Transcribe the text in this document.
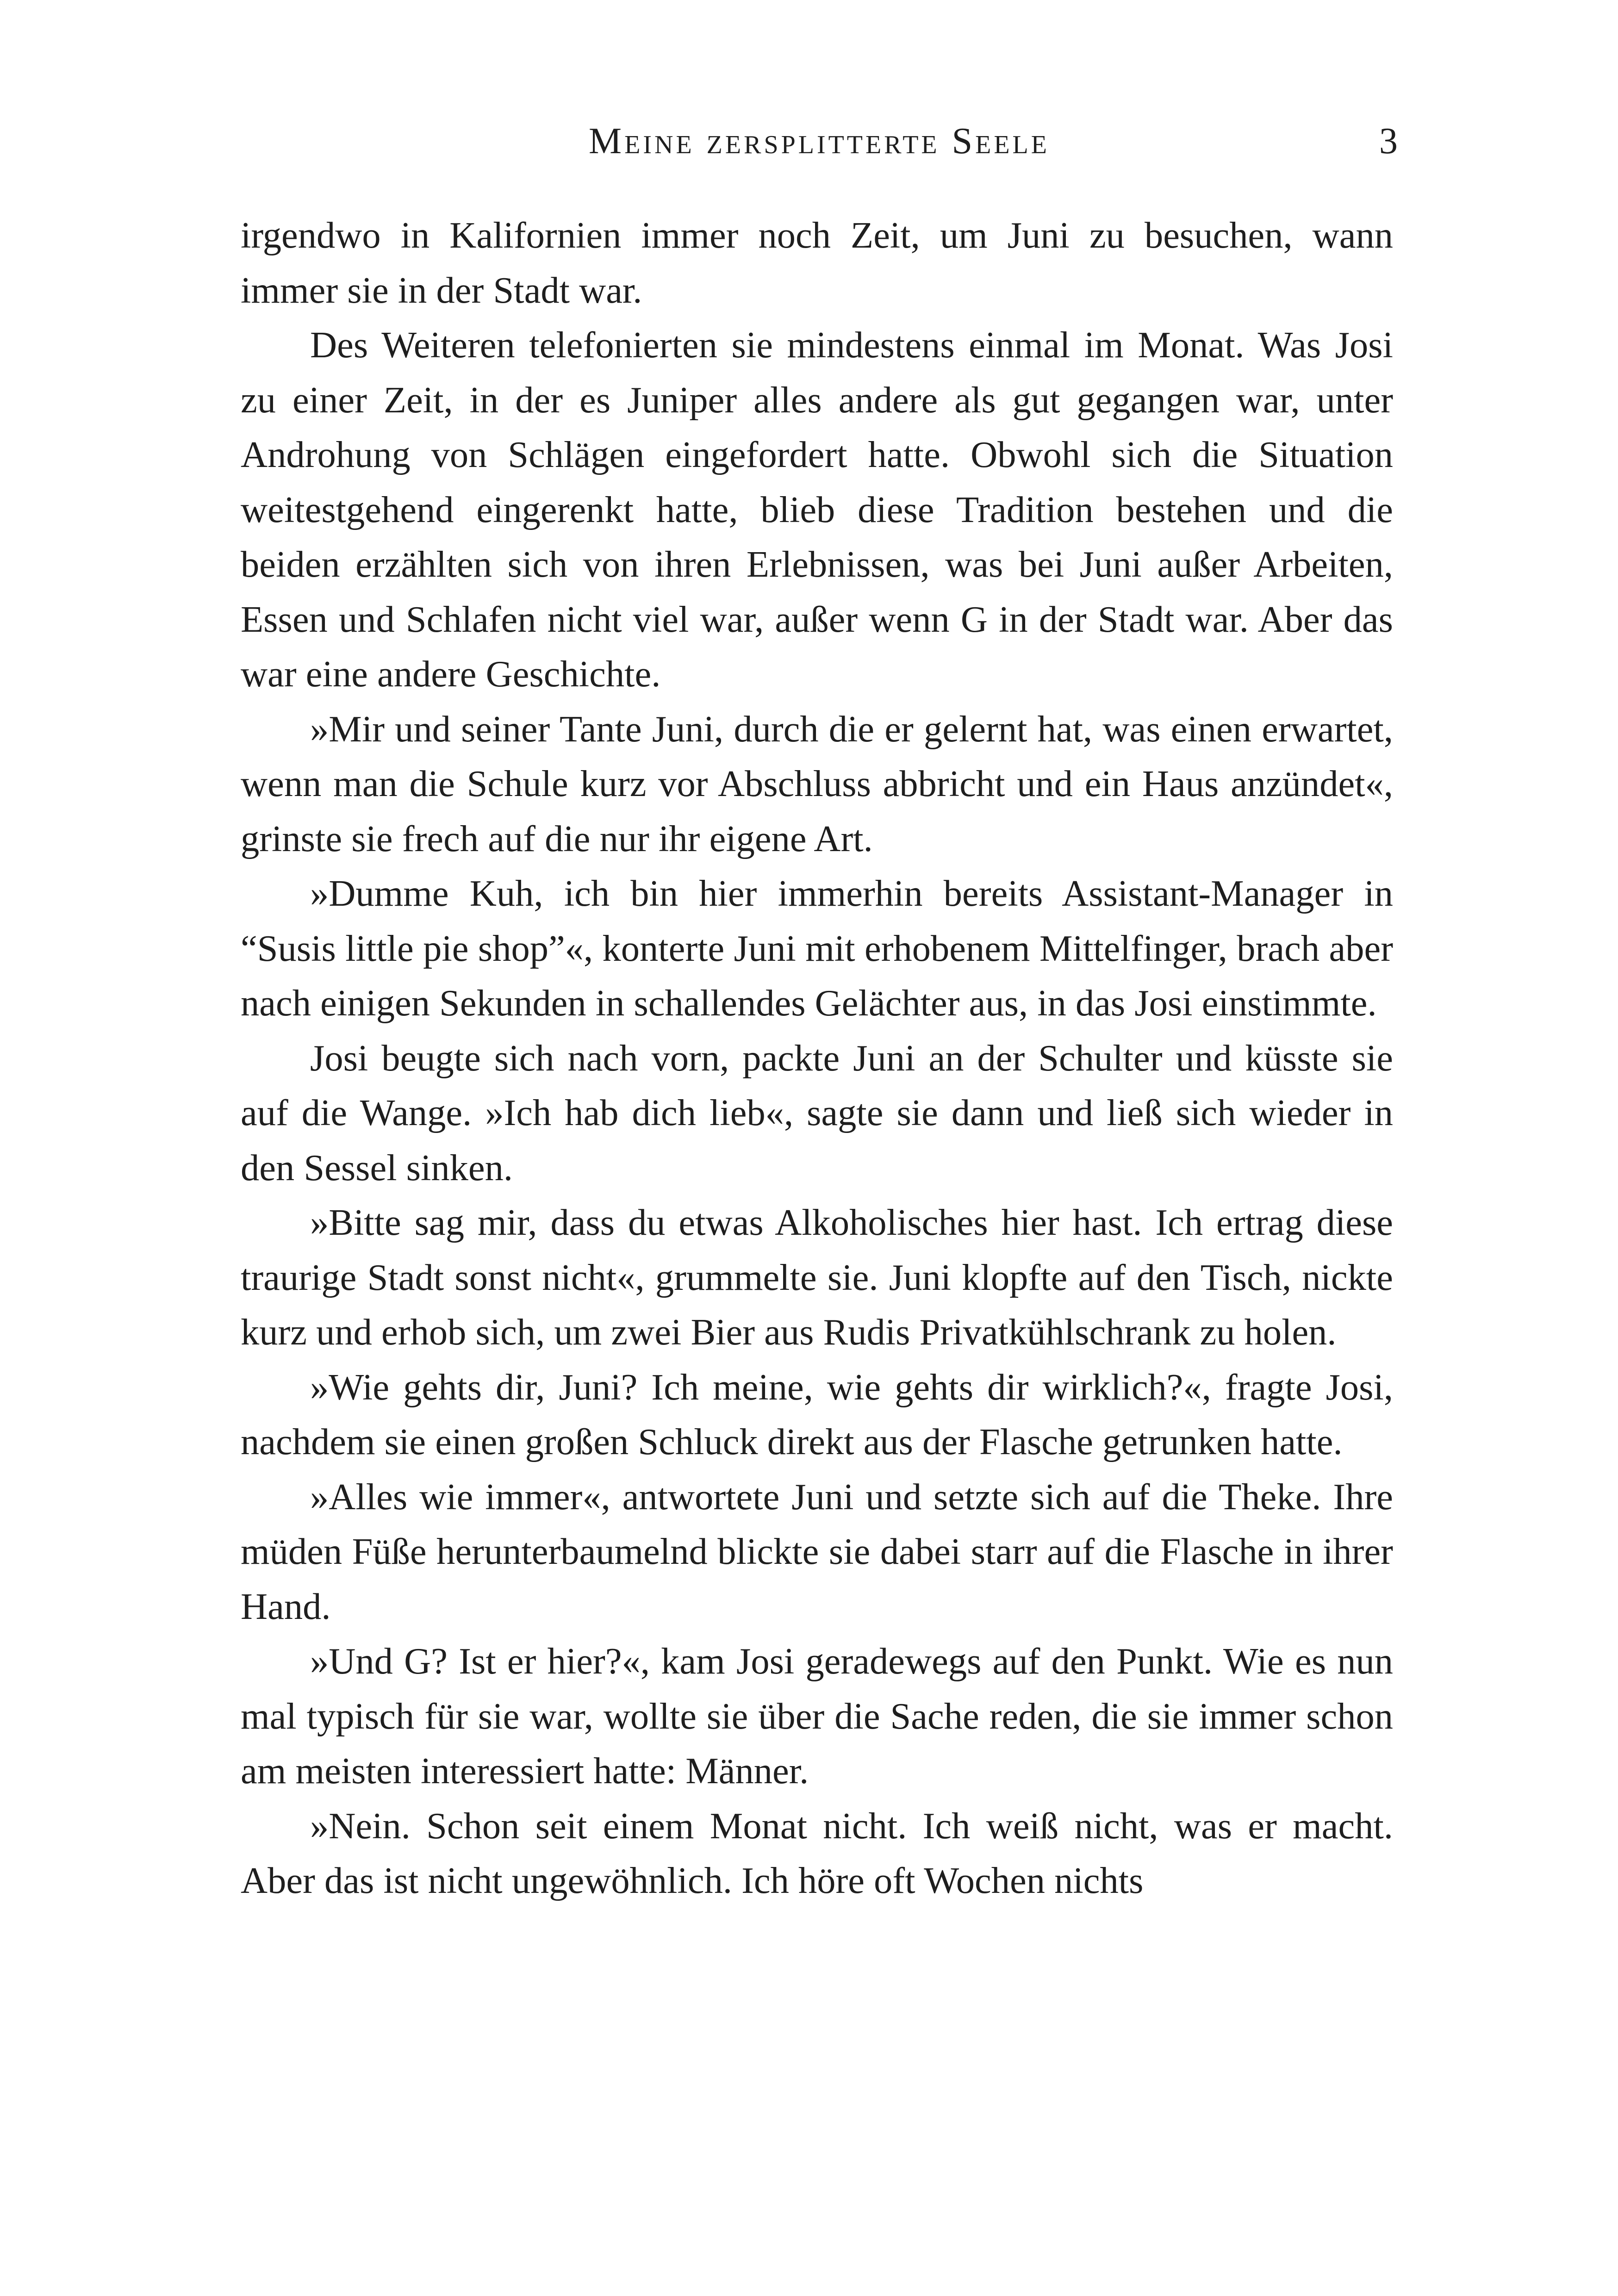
Meine zersplitterte Seele	3

irgendwo in Kalifornien immer noch Zeit, um Juni zu besuchen, wann immer sie in der Stadt war.

Des Weiteren telefonierten sie mindestens einmal im Monat. Was Josi zu einer Zeit, in der es Juniper alles andere als gut gegangen war, unter Androhung von Schlägen eingefordert hatte. Obwohl sich die Situation weitestgehend eingerenkt hatte, blieb diese Tradition bestehen und die beiden erzählten sich von ihren Erlebnissen, was bei Juni außer Arbeiten, Essen und Schlafen nicht viel war, außer wenn G in der Stadt war. Aber das war eine andere Geschichte.

»Mir und seiner Tante Juni, durch die er gelernt hat, was einen erwartet, wenn man die Schule kurz vor Abschluss abbricht und ein Haus anzündet«, grinste sie frech auf die nur ihr eigene Art.

»Dumme Kuh, ich bin hier immerhin bereits Assistant-Manager in “Susis little pie shop”«, konterte Juni mit erhobenem Mittelfinger, brach aber nach einigen Sekunden in schallendes Gelächter aus, in das Josi einstimmte.

Josi beugte sich nach vorn, packte Juni an der Schulter und küsste sie auf die Wange. »Ich hab dich lieb«, sagte sie dann und ließ sich wieder in den Sessel sinken.

»Bitte sag mir, dass du etwas Alkoholisches hier hast. Ich ertrag diese traurige Stadt sonst nicht«, grummelte sie. Juni klopfte auf den Tisch, nickte kurz und erhob sich, um zwei Bier aus Rudis Privatkühlschrank zu holen.

»Wie gehts dir, Juni? Ich meine, wie gehts dir wirklich?«, fragte Josi, nachdem sie einen großen Schluck direkt aus der Flasche getrunken hatte.

»Alles wie immer«, antwortete Juni und setzte sich auf die Theke. Ihre müden Füße herunterbaumelnd blickte sie dabei starr auf die Flasche in ihrer Hand.

»Und G? Ist er hier?«, kam Josi geradewegs auf den Punkt. Wie es nun mal typisch für sie war, wollte sie über die Sache reden, die sie immer schon am meisten interessiert hatte: Männer.

»Nein. Schon seit einem Monat nicht. Ich weiß nicht, was er macht. Aber das ist nicht ungewöhnlich. Ich höre oft Wochen nichts
